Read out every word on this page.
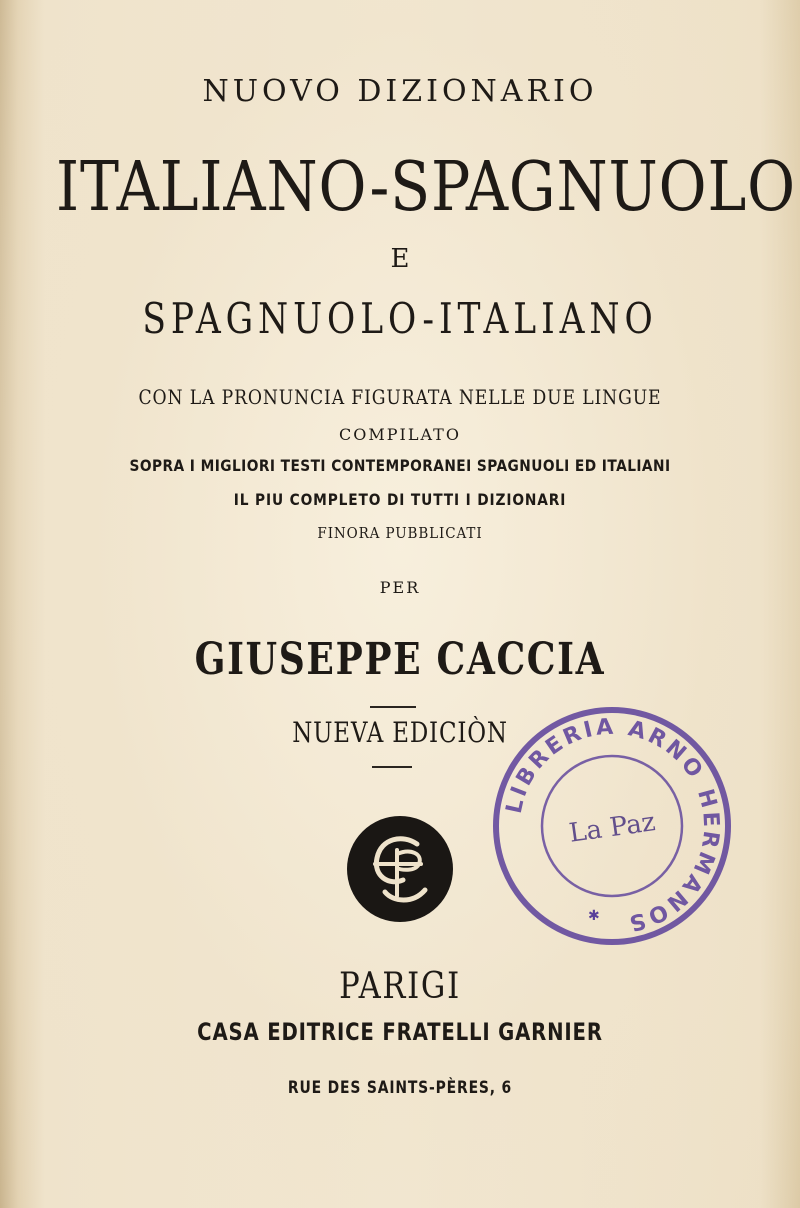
NUOVO DIZIONARIO
ITALIANO-SPAGNUOLO
E
SPAGNUOLO-ITALIANO
CON LA PRONUNCIA FIGURATA NELLE DUE LINGUE
COMPILATO
SOPRA I MIGLIORI TESTI CONTEMPORANEI SPAGNUOLI ED ITALIANI
IL PIU COMPLETO DI TUTTI I DIZIONARI
FINORA PUBBLICATI
PER
GIUSEPPE CACCIA
NUEVA EDICIÒN
LIBRERIA ARNO HERMANOS
La Paz
✱
PARIGI
CASA EDITRICE FRATELLI GARNIER
RUE DES SAINTS-PÈRES, 6
